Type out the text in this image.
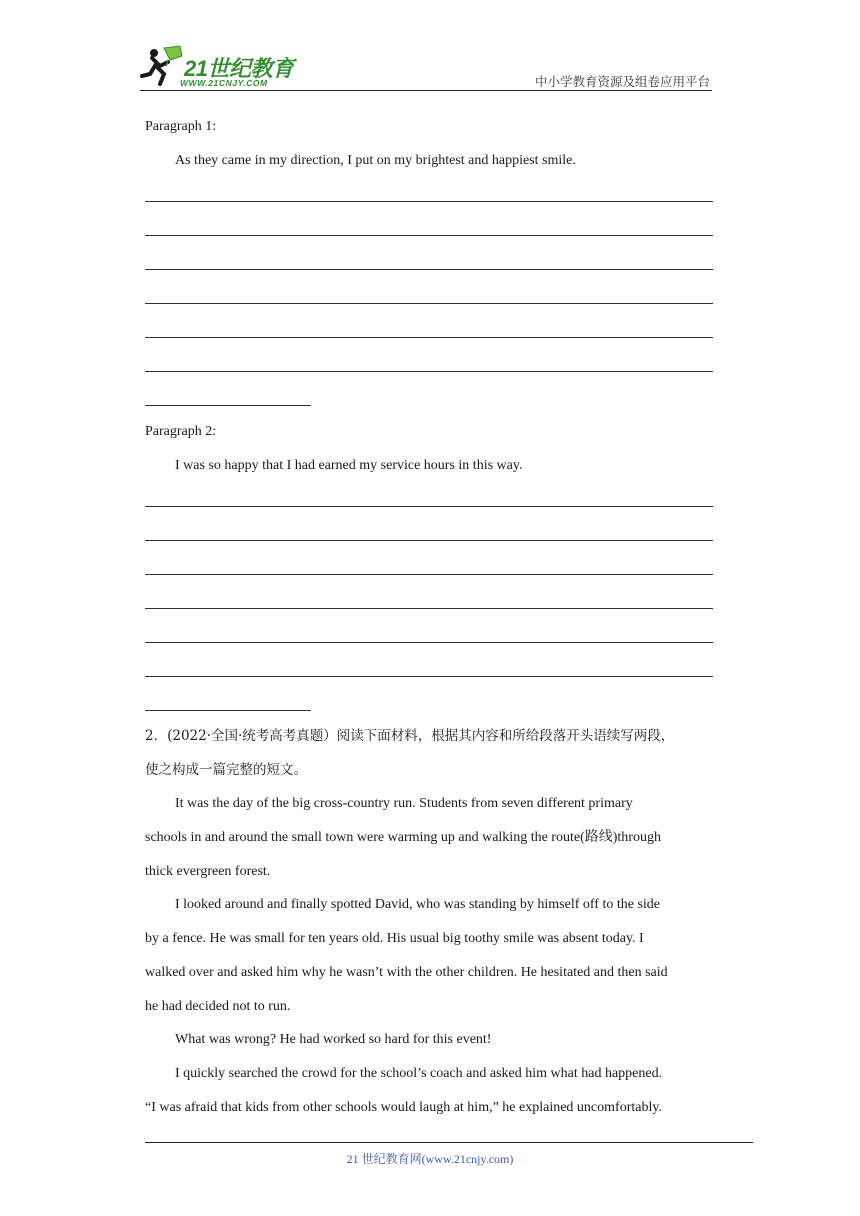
21世纪教育
WWW.21CNJY.COM	中小学教育资源及组卷应用平台
Paragraph 1:
As they came in my direction, I put on my brightest and happiest smile.
Paragraph 2:
I was so happy that I had earned my service hours in this way.
2．(2022·全国·统考高考真题）阅读下面材料，根据其内容和所给段落开头语续写两段，
使之构成一篇完整的短文。
It was the day of the big cross-country run. Students from seven different primary
schools in and around the small town were warming up and walking the route(路线)through
thick evergreen forest.
I looked around and finally spotted David, who was standing by himself off to the side
by a fence. He was small for ten years old. His usual big toothy smile was absent today. I
walked over and asked him why he wasn’t with the other children. He hesitated and then said
he had decided not to run.
What was wrong? He had worked so hard for this event!
I quickly searched the crowd for the school’s coach and asked him what had happened.
“I was afraid that kids from other schools would laugh at him,” he explained uncomfortably.
21 世纪教育网(www.21cnjy.com)
